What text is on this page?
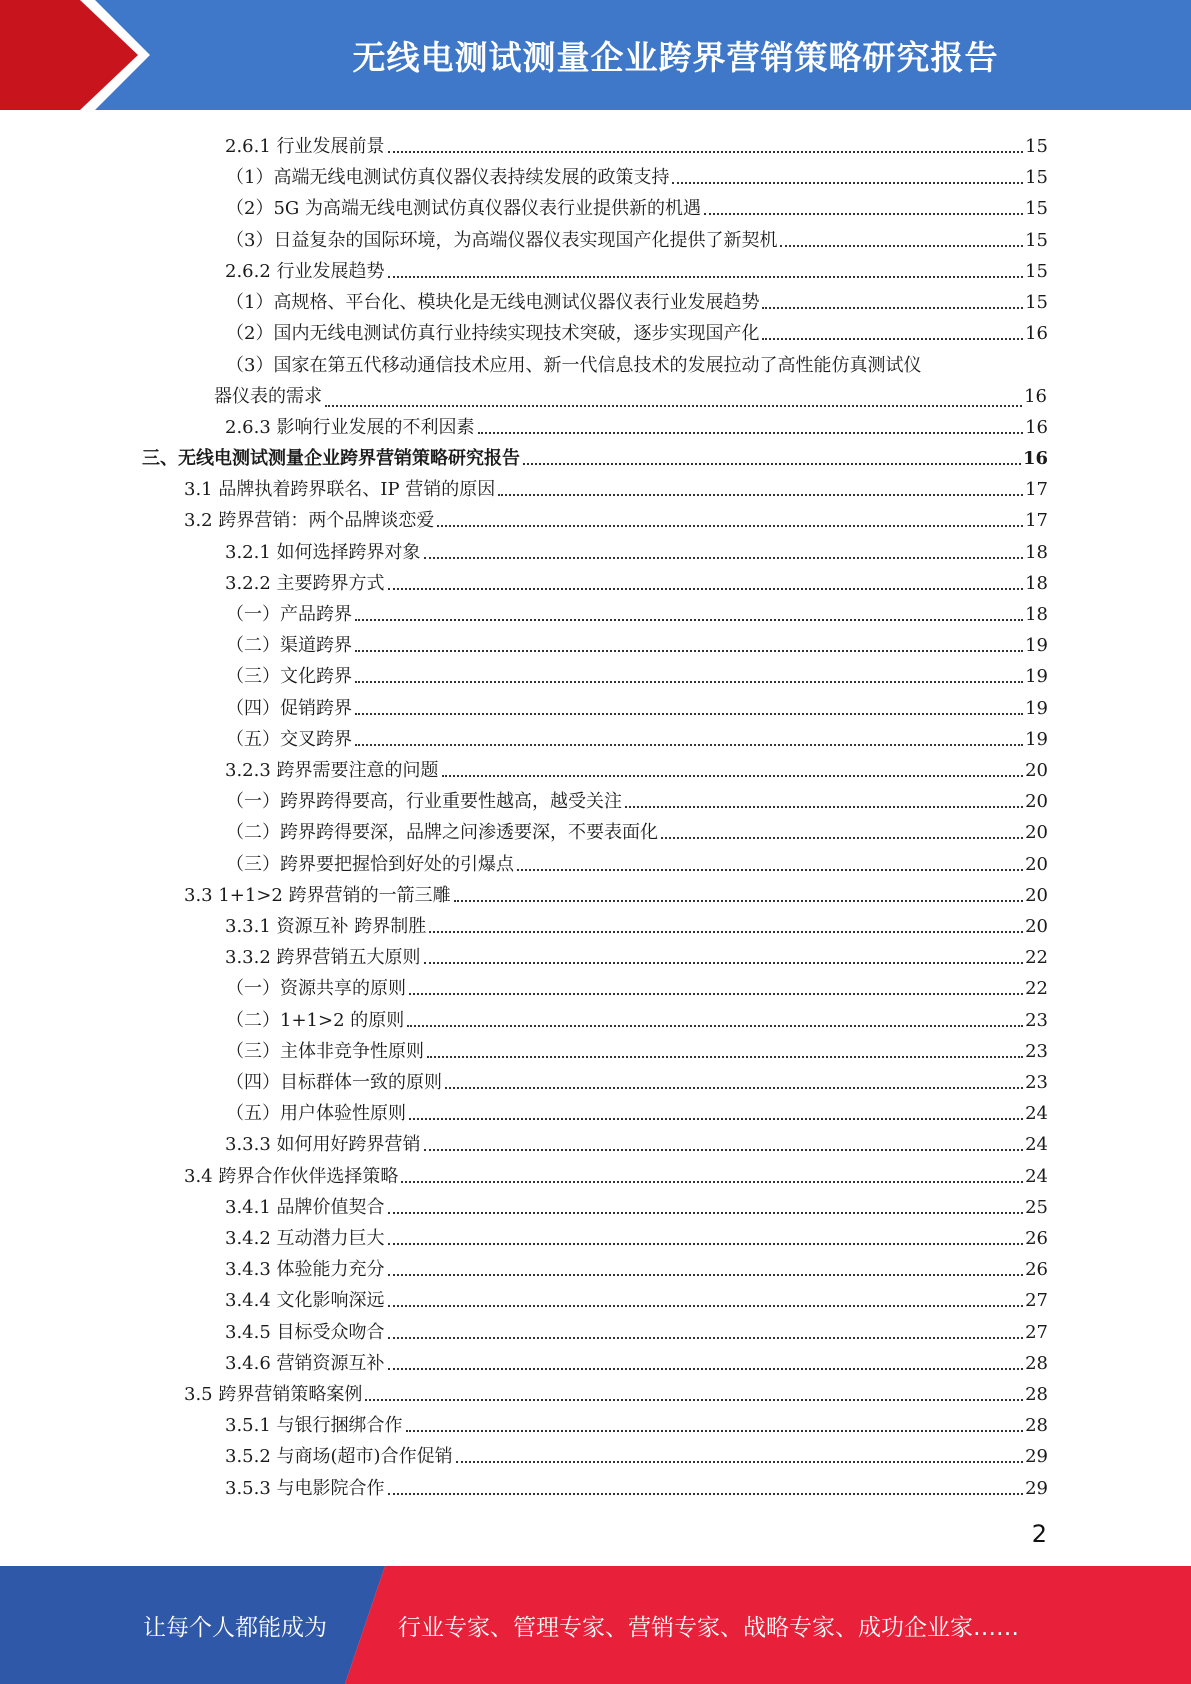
无线电测试测量企业跨界营销策略研究报告
2.6.1 行业发展前景	15
（1）高端无线电测试仿真仪器仪表持续发展的政策支持	15
（2）5G 为高端无线电测试仿真仪器仪表行业提供新的机遇	15
（3）日益复杂的国际环境，为高端仪器仪表实现国产化提供了新契机	15
2.6.2 行业发展趋势	15
（1）高规格、平台化、模块化是无线电测试仪器仪表行业发展趋势	15
（2）国内无线电测试仿真行业持续实现技术突破，逐步实现国产化	16
（3）国家在第五代移动通信技术应用、新一代信息技术的发展拉动了高性能仿真测试仪
器仪表的需求	16
2.6.3 影响行业发展的不利因素	16
三、无线电测试测量企业跨界营销策略研究报告	16
3.1 品牌执着跨界联名、IP 营销的原因	17
3.2 跨界营销：两个品牌谈恋爱	17
3.2.1 如何选择跨界对象	18
3.2.2 主要跨界方式	18
（一）产品跨界	18
（二）渠道跨界	19
（三）文化跨界	19
（四）促销跨界	19
（五）交叉跨界	19
3.2.3 跨界需要注意的问题	20
（一）跨界跨得要高，行业重要性越高，越受关注	20
（二）跨界跨得要深，品牌之问渗透要深，不要表面化	20
（三）跨界要把握恰到好处的引爆点	20
3.3 1+1>2 跨界营销的一箭三雕	20
3.3.1 资源互补 跨界制胜	20
3.3.2 跨界营销五大原则	22
（一）资源共享的原则	22
（二）1+1>2 的原则	23
（三）主体非竞争性原则	23
（四）目标群体一致的原则	23
（五）用户体验性原则	24
3.3.3 如何用好跨界营销	24
3.4 跨界合作伙伴选择策略	24
3.4.1 品牌价值契合	25
3.4.2 互动潜力巨大	26
3.4.3 体验能力充分	26
3.4.4 文化影响深远	27
3.4.5 目标受众吻合	27
3.4.6 营销资源互补	28
3.5 跨界营销策略案例	28
3.5.1 与银行捆绑合作	28
3.5.2 与商场(超市)合作促销	29
3.5.3 与电影院合作	29
2
让每个人都能成为	行业专家、管理专家、营销专家、战略专家、成功企业家……
